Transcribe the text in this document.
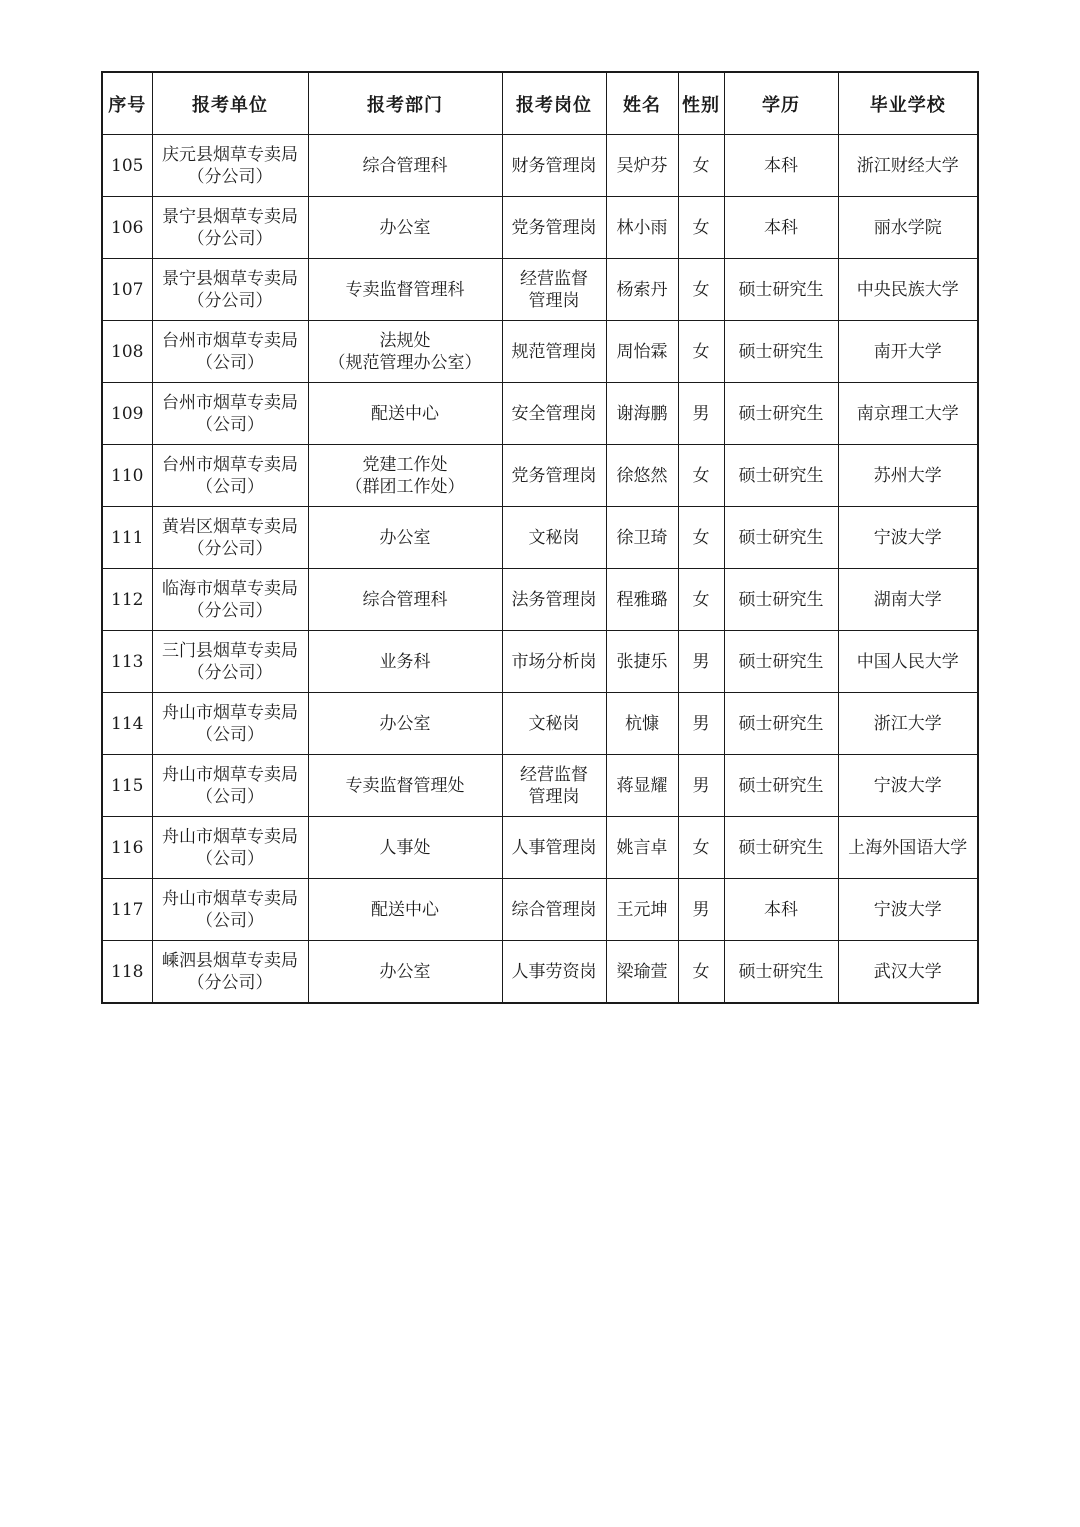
序号	报考单位	报考部门	报考岗位	姓名	性别	学历	毕业学校

105	庆元县烟草专卖局
（分公司）	综合管理科	财务管理岗	吴炉芬	女	本科	浙江财经大学

106	景宁县烟草专卖局
（分公司）	办公室	党务管理岗	林小雨	女	本科	丽水学院

107	景宁县烟草专卖局
（分公司）	专卖监督管理科	经营监督
管理岗	杨索丹	女	硕士研究生	中央民族大学

108	台州市烟草专卖局
（公司）	法规处
（规范管理办公室）	规范管理岗	周怡霖	女	硕士研究生	南开大学

109	台州市烟草专卖局
（公司）	配送中心	安全管理岗	谢海鹏	男	硕士研究生	南京理工大学

110	台州市烟草专卖局
（公司）	党建工作处
（群团工作处）	党务管理岗	徐悠然	女	硕士研究生	苏州大学

111	黄岩区烟草专卖局
（分公司）	办公室	文秘岗	徐卫琦	女	硕士研究生	宁波大学

112	临海市烟草专卖局
（分公司）	综合管理科	法务管理岗	程雅璐	女	硕士研究生	湖南大学

113	三门县烟草专卖局
（分公司）	业务科	市场分析岗	张捷乐	男	硕士研究生	中国人民大学

114	舟山市烟草专卖局
（公司）	办公室	文秘岗	杭慷	男	硕士研究生	浙江大学

115	舟山市烟草专卖局
（公司）	专卖监督管理处	经营监督
管理岗	蒋显耀	男	硕士研究生	宁波大学

116	舟山市烟草专卖局
（公司）	人事处	人事管理岗	姚言卓	女	硕士研究生	上海外国语大学

117	舟山市烟草专卖局
（公司）	配送中心	综合管理岗	王元坤	男	本科	宁波大学

118	嵊泗县烟草专卖局
（分公司）	办公室	人事劳资岗	梁瑜萱	女	硕士研究生	武汉大学
